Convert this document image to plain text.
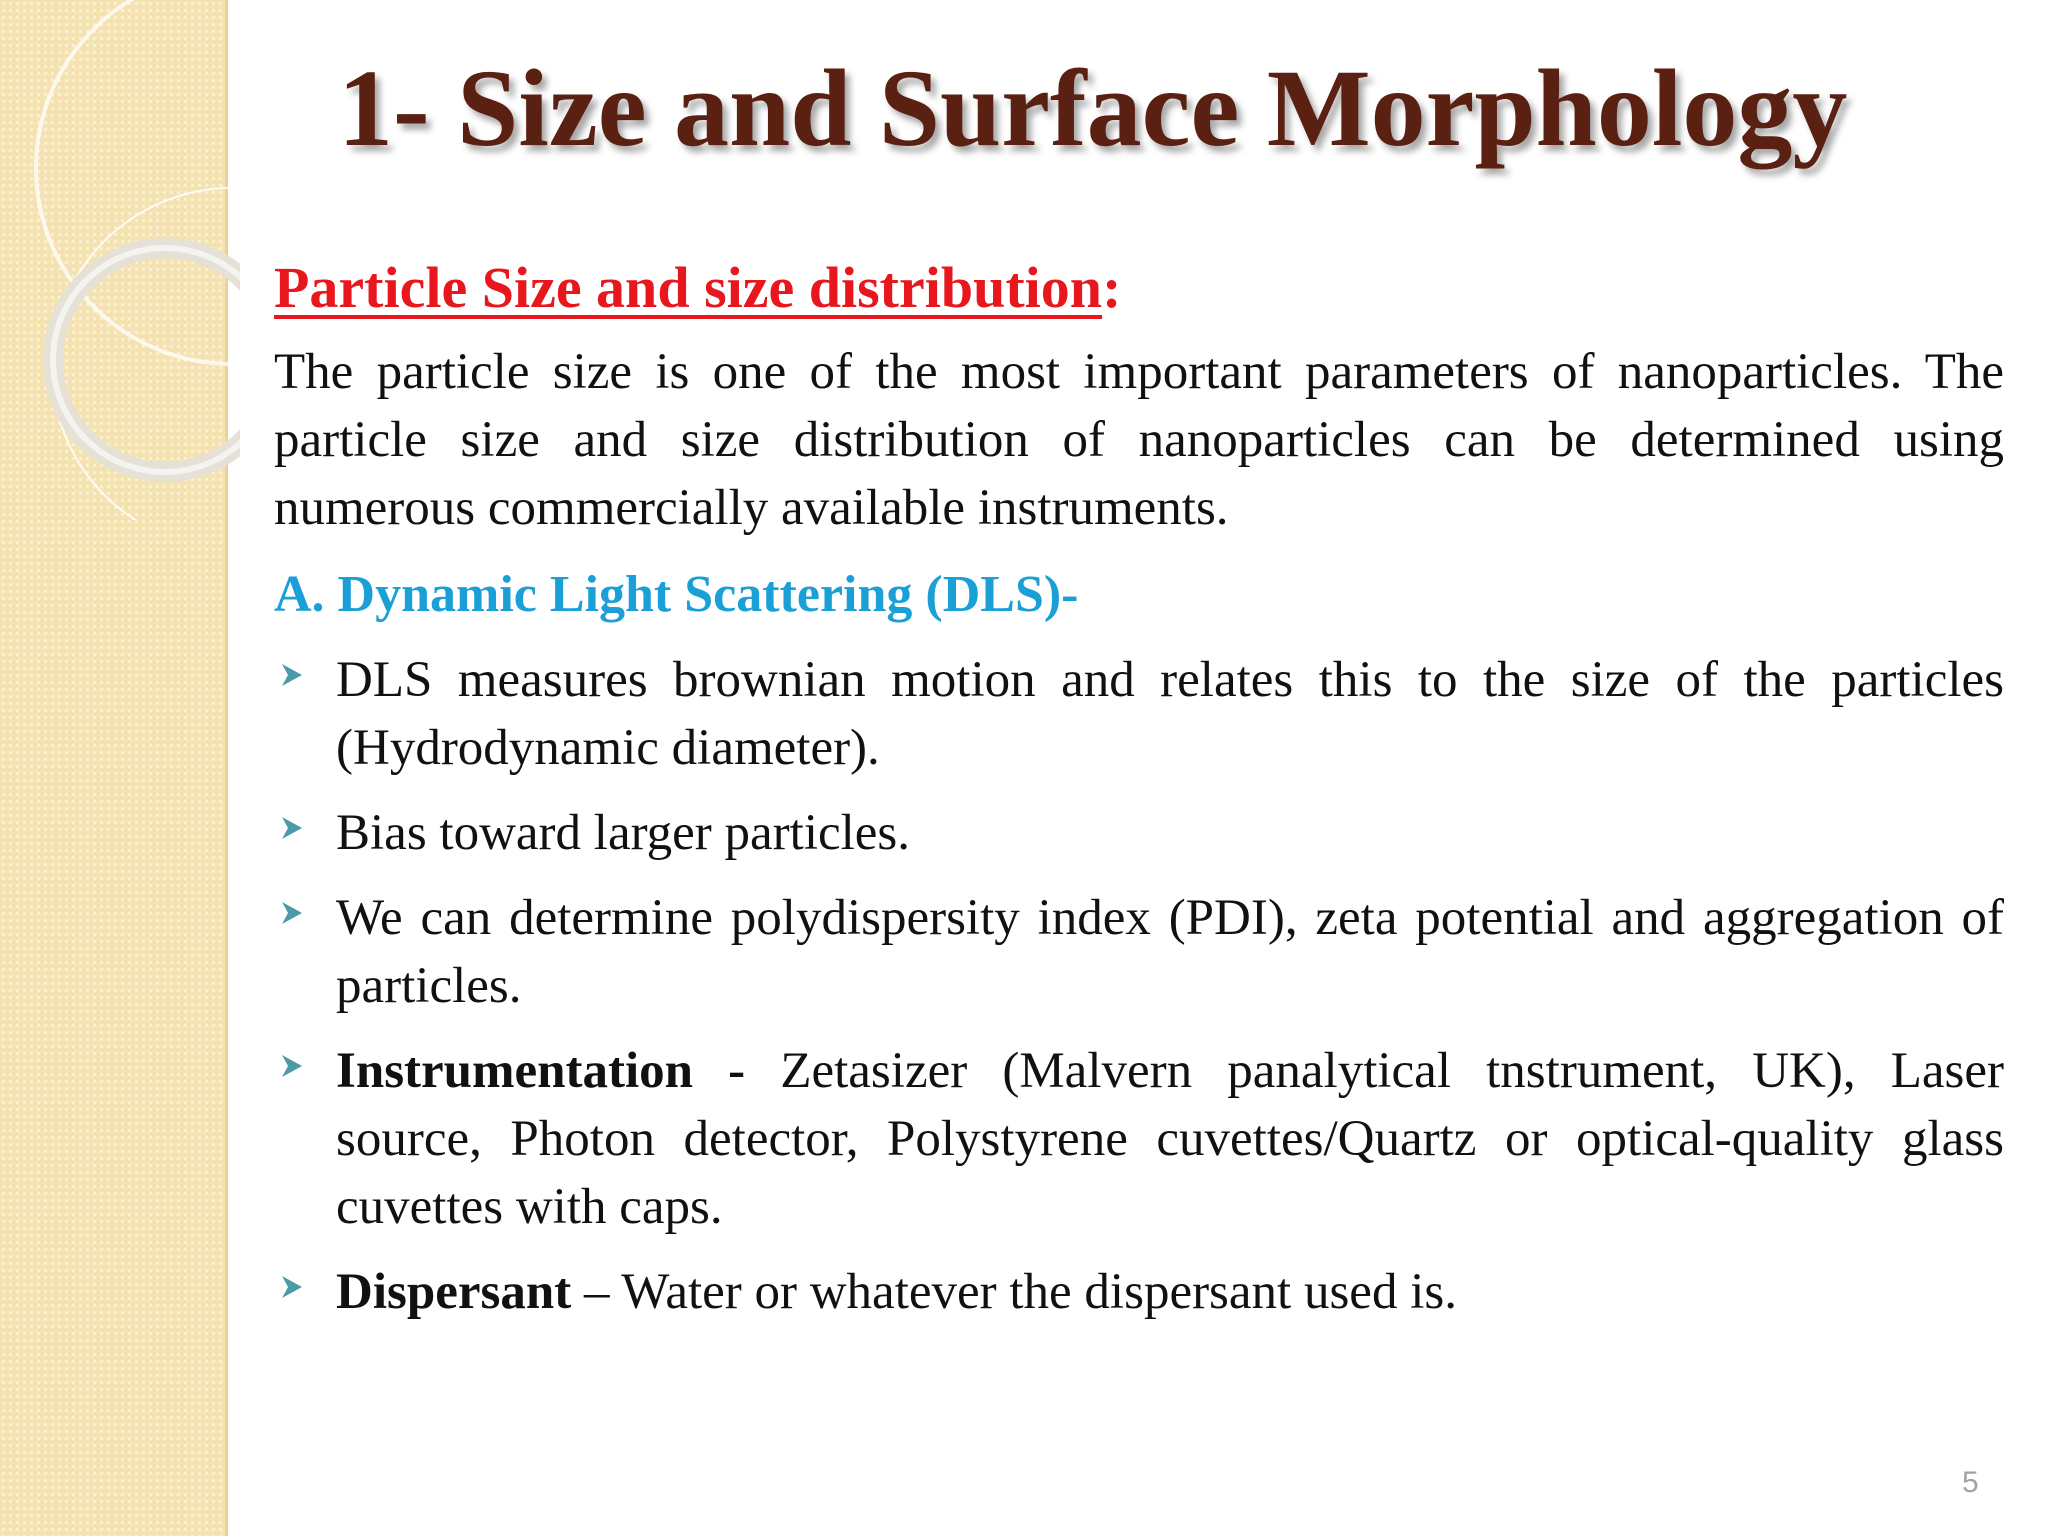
1- Size and Surface Morphology

Particle Size and size distribution:

The particle size is one of the most important parameters of nanoparticles. The particle size and size distribution of nanoparticles can be determined using numerous commercially available instruments.

A. Dynamic Light Scattering (DLS)-

DLS measures brownian motion and relates this to the size of the particles (Hydrodynamic diameter).
Bias toward larger particles.
We can determine polydispersity index (PDI), zeta potential and aggregation of particles.
Instrumentation - Zetasizer (Malvern panalytical tnstrument, UK), Laser source, Photon detector, Polystyrene cuvettes/Quartz or optical-quality glass cuvettes with caps.
Dispersant – Water or whatever the dispersant used is.
5
